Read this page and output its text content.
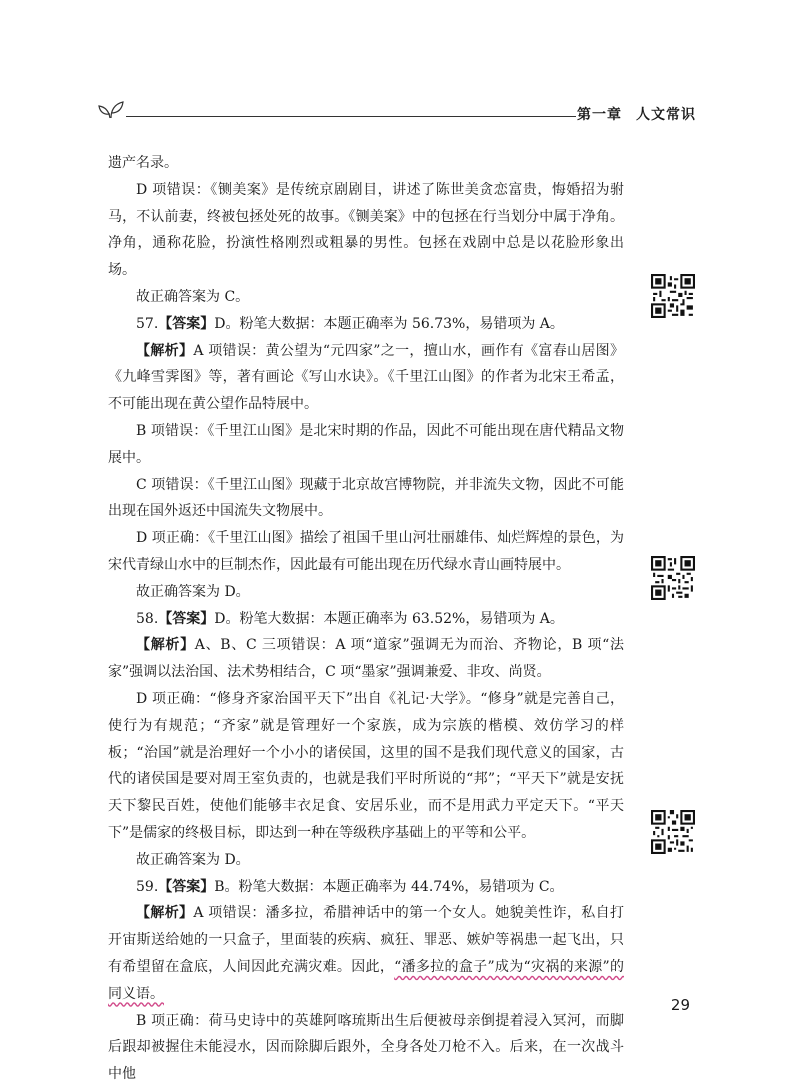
第一章 人文常识

遗产名录。

D 项错误：《铡美案》是传统京剧剧目，讲述了陈世美贪恋富贵，悔婚招为驸马，不认前妻，终被包拯处死的故事。《铡美案》中的包拯在行当划分中属于净角。净角，通称花脸，扮演性格刚烈或粗暴的男性。包拯在戏剧中总是以花脸形象出场。

故正确答案为 C。

57.【答案】D。粉笔大数据：本题正确率为 56.73%，易错项为 A。

【解析】A 项错误：黄公望为“元四家”之一，擅山水，画作有《富春山居图》《九峰雪霁图》等，著有画论《写山水诀》。《千里江山图》的作者为北宋王希孟，不可能出现在黄公望作品特展中。

B 项错误：《千里江山图》是北宋时期的作品，因此不可能出现在唐代精品文物展中。

C 项错误：《千里江山图》现藏于北京故宫博物院，并非流失文物，因此不可能出现在国外返还中国流失文物展中。

D 项正确：《千里江山图》描绘了祖国千里山河壮丽雄伟、灿烂辉煌的景色，为宋代青绿山水中的巨制杰作，因此最有可能出现在历代绿水青山画特展中。

故正确答案为 D。

58.【答案】D。粉笔大数据：本题正确率为 63.52%，易错项为 A。

【解析】A、B、C 三项错误：A 项“道家”强调无为而治、齐物论，B 项“法家”强调以法治国、法术势相结合，C 项“墨家”强调兼爱、非攻、尚贤。

D 项正确：“修身齐家治国平天下”出自《礼记·大学》。“修身”就是完善自己，使行为有规范；“齐家”就是管理好一个家族，成为宗族的楷模、效仿学习的样板；“治国”就是治理好一个小小的诸侯国，这里的国不是我们现代意义的国家，古代的诸侯国是要对周王室负责的，也就是我们平时所说的“邦”；“平天下”就是安抚天下黎民百姓，使他们能够丰衣足食、安居乐业，而不是用武力平定天下。“平天下”是儒家的终极目标，即达到一种在等级秩序基础上的平等和公平。

故正确答案为 D。

59.【答案】B。粉笔大数据：本题正确率为 44.74%，易错项为 C。

【解析】A 项错误：潘多拉，希腊神话中的第一个女人。她貌美性诈，私自打开宙斯送给她的一只盒子，里面装的疾病、疯狂、罪恶、嫉妒等祸患一起飞出，只有希望留在盒底，人间因此充满灾难。因此，“潘多拉的盒子”成为“灾祸的来源”的同义语。

B 项正确：荷马史诗中的英雄阿喀琉斯出生后便被母亲倒提着浸入冥河，而脚后跟却被握住未能浸水，因而除脚后跟外，全身各处刀枪不入。后来，在一次战斗中他

29
